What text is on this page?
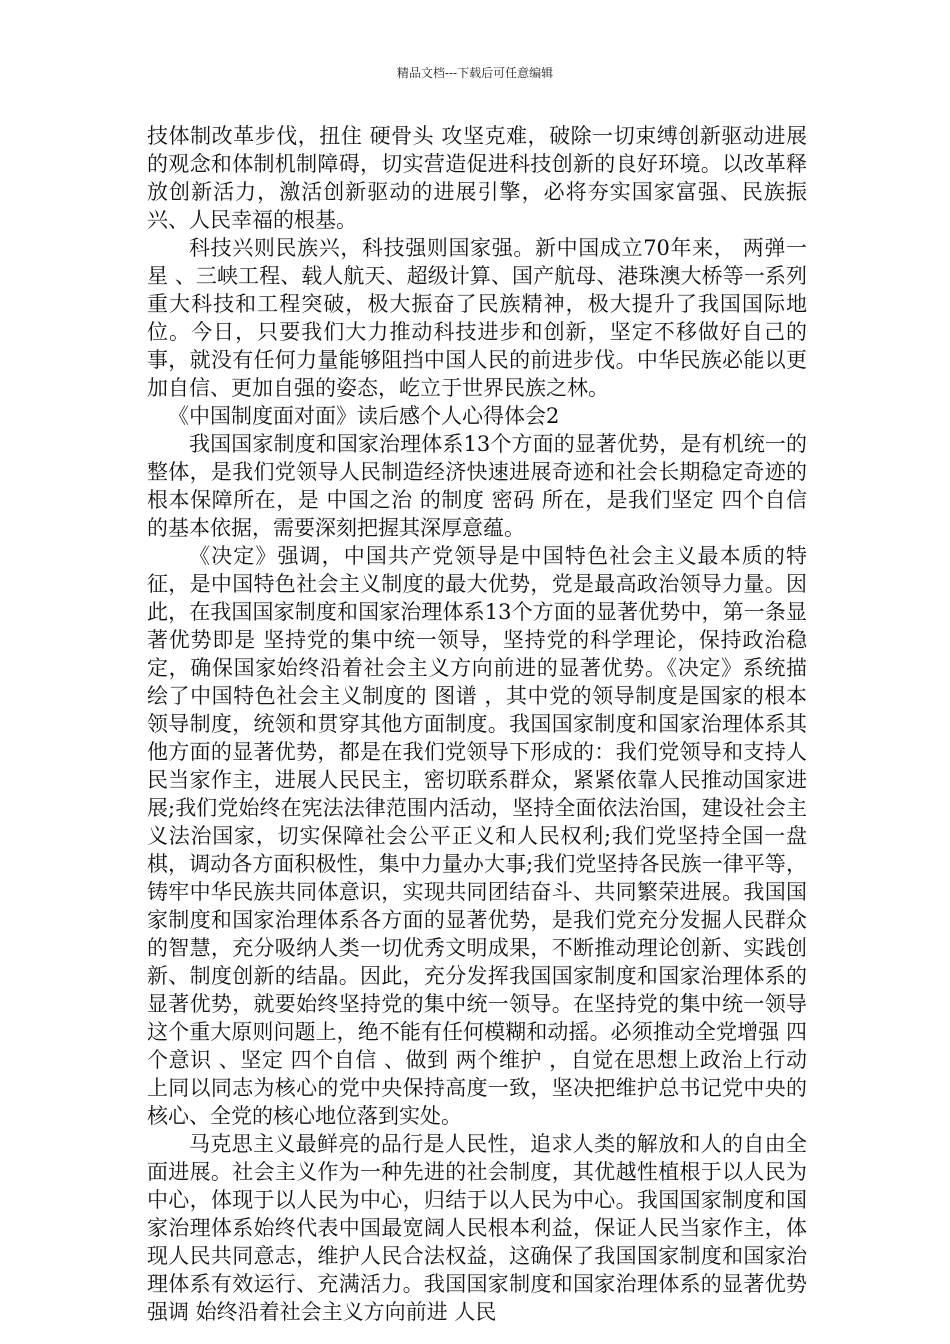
精品文档---下载后可任意编辑

技体制改革步伐，扭住 硬骨头 攻坚克难，破除一切束缚创新驱动进展的观念和体制机制障碍，切实营造促进科技创新的良好环境。以改革释放创新活力，激活创新驱动的进展引擎，必将夯实国家富强、民族振兴、人民幸福的根基。

科技兴则民族兴，科技强则国家强。新中国成立70年来， 两弹一星 、三峡工程、载人航天、超级计算、国产航母、港珠澳大桥等一系列重大科技和工程突破，极大振奋了民族精神，极大提升了我国国际地位。今日，只要我们大力推动科技进步和创新，坚定不移做好自己的事，就没有任何力量能够阻挡中国人民的前进步伐。中华民族必能以更加自信、更加自强的姿态，屹立于世界民族之林。

《中国制度面对面》读后感个人心得体会2

我国国家制度和国家治理体系13个方面的显著优势，是有机统一的整体，是我们党领导人民制造经济快速进展奇迹和社会长期稳定奇迹的根本保障所在，是 中国之治 的制度 密码 所在，是我们坚定 四个自信 的基本依据，需要深刻把握其深厚意蕴。

《决定》强调，中国共产党领导是中国特色社会主义最本质的特征，是中国特色社会主义制度的最大优势，党是最高政治领导力量。因此，在我国国家制度和国家治理体系13个方面的显著优势中，第一条显著优势即是 坚持党的集中统一领导，坚持党的科学理论，保持政治稳定，确保国家始终沿着社会主义方向前进的显著优势。《决定》系统描绘了中国特色社会主义制度的 图谱 ，其中党的领导制度是国家的根本领导制度，统领和贯穿其他方面制度。我国国家制度和国家治理体系其他方面的显著优势，都是在我们党领导下形成的：我们党领导和支持人民当家作主，进展人民民主，密切联系群众，紧紧依靠人民推动国家进展;我们党始终在宪法法律范围内活动，坚持全面依法治国，建设社会主义法治国家，切实保障社会公平正义和人民权利;我们党坚持全国一盘棋，调动各方面积极性，集中力量办大事;我们党坚持各民族一律平等，铸牢中华民族共同体意识，实现共同团结奋斗、共同繁荣进展。我国国家制度和国家治理体系各方面的显著优势，是我们党充分发掘人民群众的智慧，充分吸纳人类一切优秀文明成果，不断推动理论创新、实践创新、制度创新的结晶。因此，充分发挥我国国家制度和国家治理体系的显著优势，就要始终坚持党的集中统一领导。在坚持党的集中统一领导这个重大原则问题上，绝不能有任何模糊和动摇。必须推动全党增强 四个意识 、坚定 四个自信 、做到 两个维护 ，自觉在思想上政治上行动上同以同志为核心的党中央保持高度一致，坚决把维护总书记党中央的核心、全党的核心地位落到实处。

马克思主义最鲜亮的品行是人民性，追求人类的解放和人的自由全面进展。社会主义作为一种先进的社会制度，其优越性植根于以人民为中心，体现于以人民为中心，归结于以人民为中心。我国国家制度和国家治理体系始终代表中国最宽阔人民根本利益，保证人民当家作主，体现人民共同意志，维护人民合法权益，这确保了我国国家制度和国家治理体系有效运行、充满活力。我国国家制度和国家治理体系的显著优势强调 始终沿着社会主义方向前进 人民
